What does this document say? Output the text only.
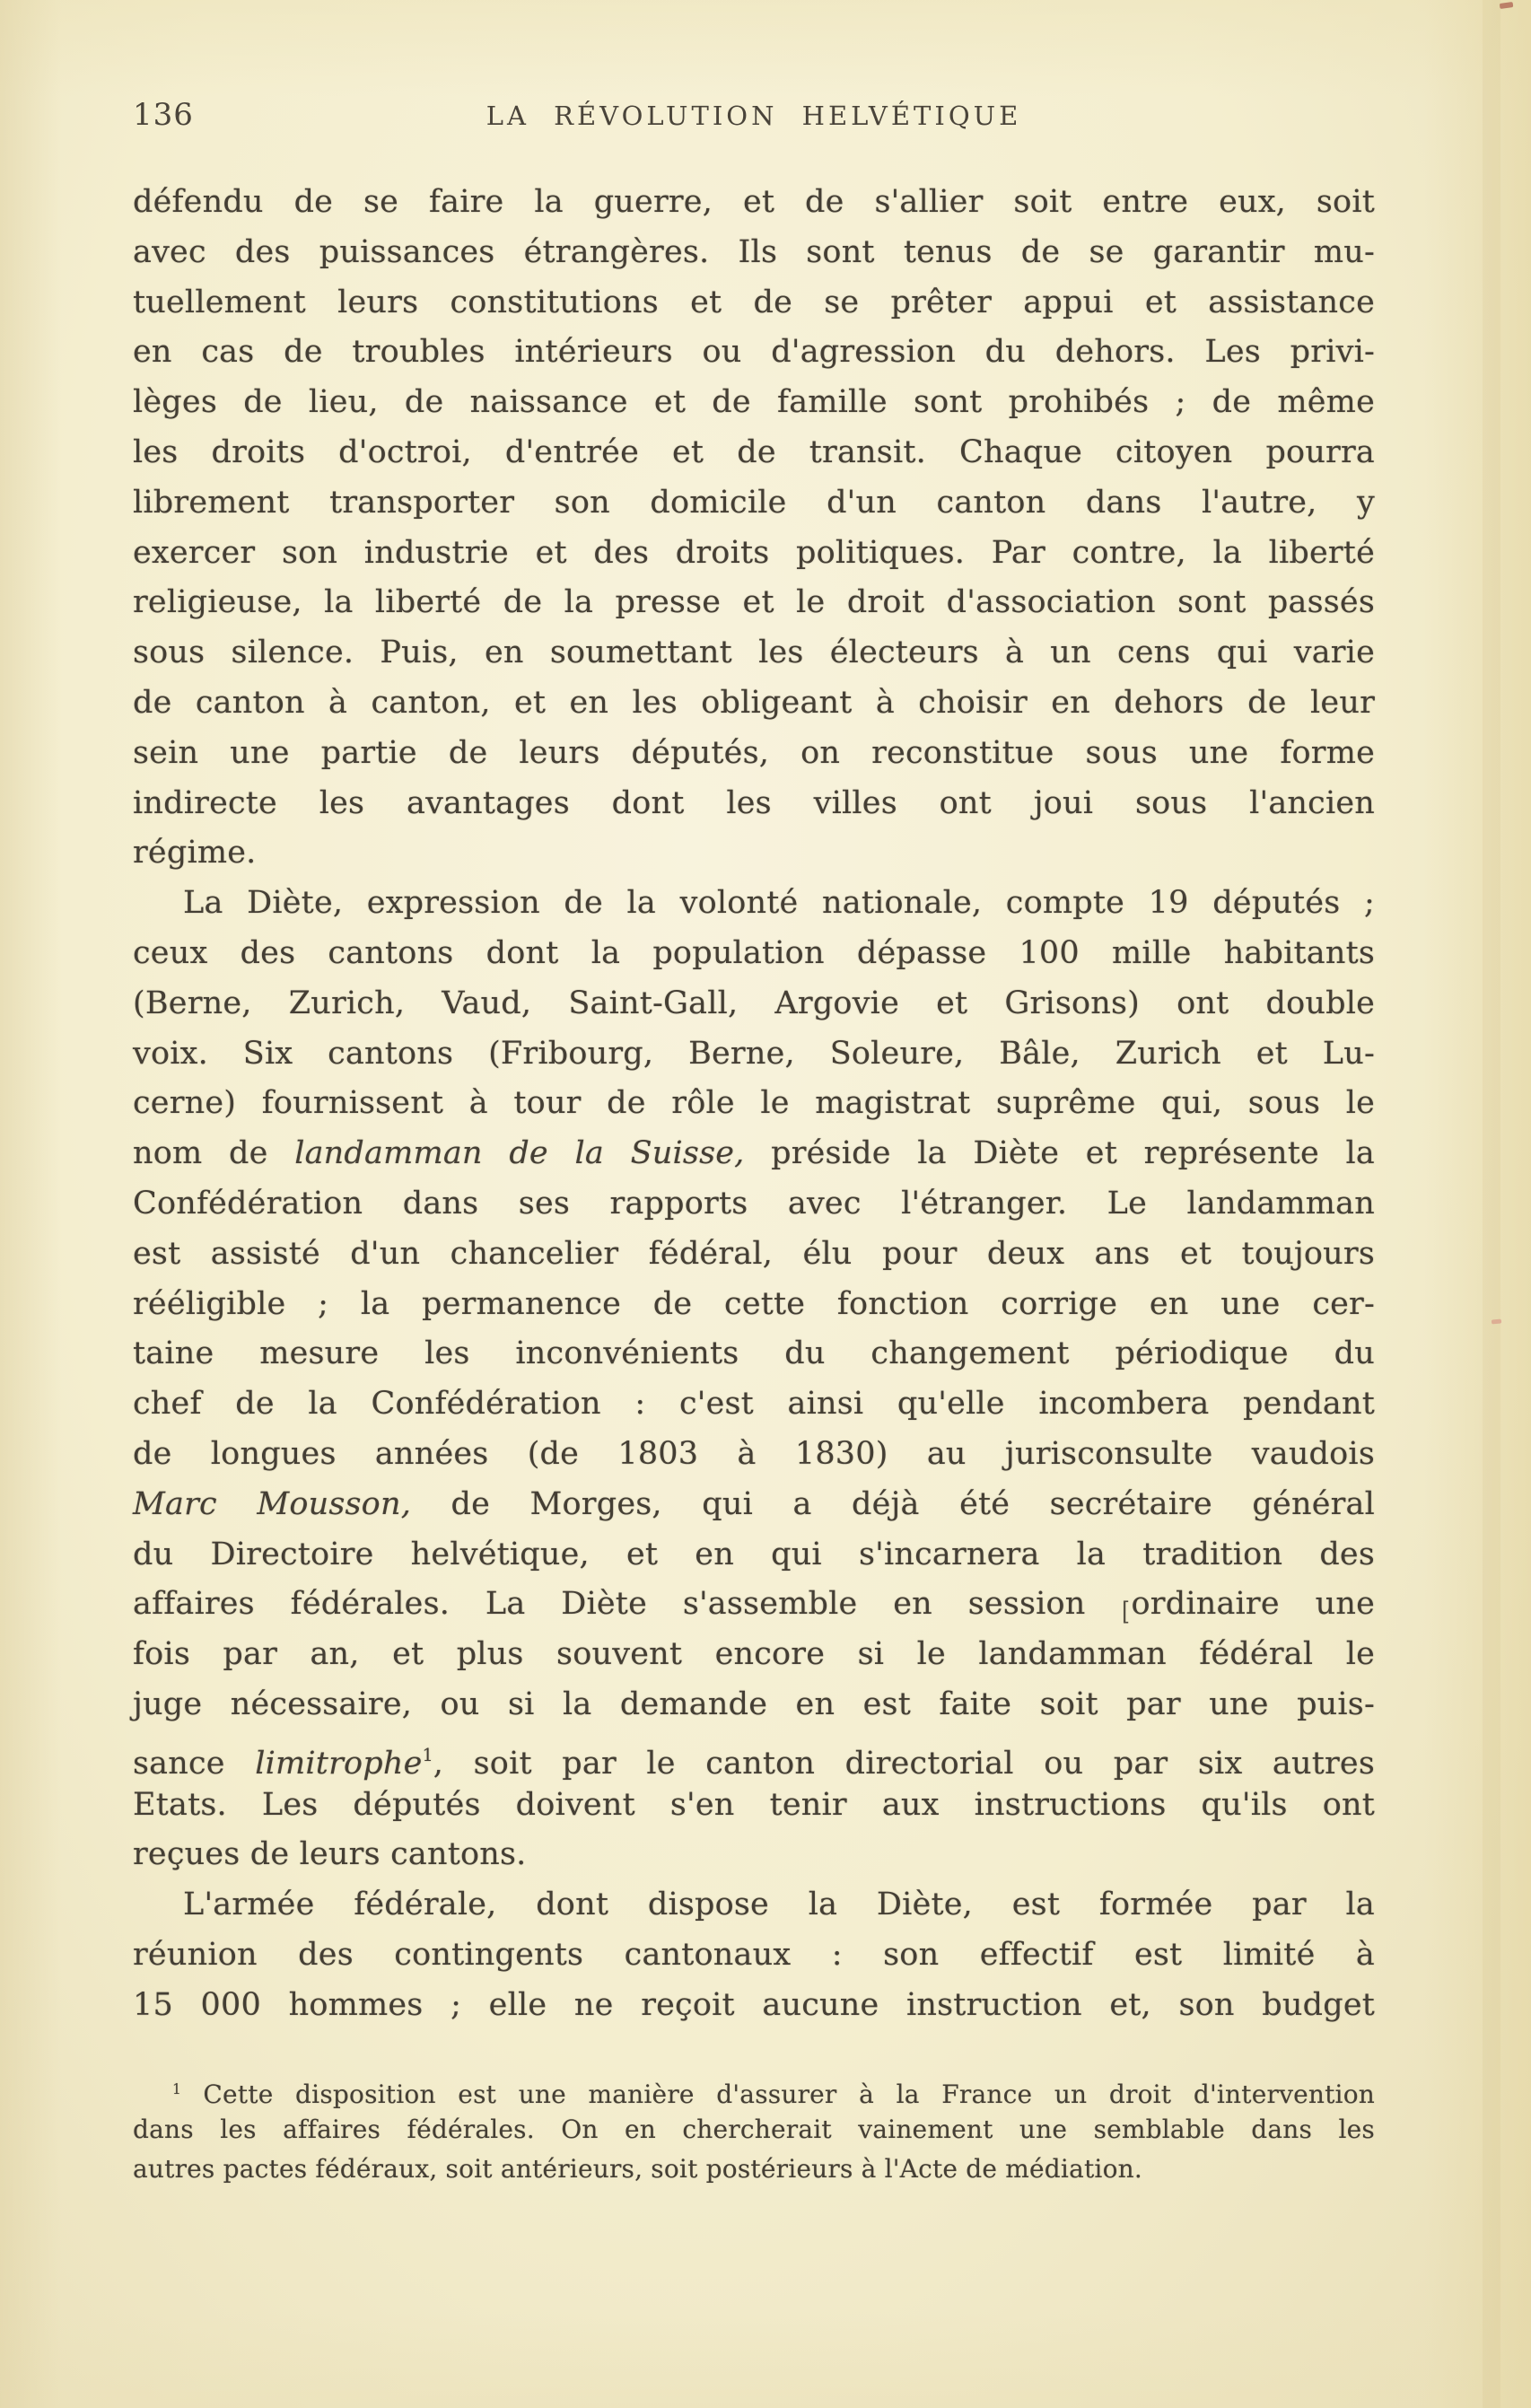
136	LA RÉVOLUTION HELVÉTIQUE
défendu de se faire la guerre, et de s'allier soit entre eux, soit
avec des puissances étrangères. Ils sont tenus de se garantir mu-
tuellement leurs constitutions et de se prêter appui et assistance
en cas de troubles intérieurs ou d'agression du dehors. Les privi-
lèges de lieu, de naissance et de famille sont prohibés ; de même
les droits d'octroi, d'entrée et de transit. Chaque citoyen pourra
librement transporter son domicile d'un canton dans l'autre, y
exercer son industrie et des droits politiques. Par contre, la liberté
religieuse, la liberté de la presse et le droit d'association sont passés
sous silence. Puis, en soumettant les électeurs à un cens qui varie
de canton à canton, et en les obligeant à choisir en dehors de leur
sein une partie de leurs députés, on reconstitue sous une forme
indirecte les avantages dont les villes ont joui sous l'ancien
régime.
La Diète, expression de la volonté nationale, compte 19 députés ;
ceux des cantons dont la population dépasse 100 mille habitants
(Berne, Zurich, Vaud, Saint-Gall, Argovie et Grisons) ont double
voix. Six cantons (Fribourg, Berne, Soleure, Bâle, Zurich et Lu-
cerne) fournissent à tour de rôle le magistrat suprême qui, sous le
nom de landamman de la Suisse, préside la Diète et représente la
Confédération dans ses rapports avec l'étranger. Le landamman
est assisté d'un chancelier fédéral, élu pour deux ans et toujours
rééligible ; la permanence de cette fonction corrige en une cer-
taine mesure les inconvénients du changement périodique du
chef de la Confédération : c'est ainsi qu'elle incombera pendant
de longues années (de 1803 à 1830) au jurisconsulte vaudois
Marc Mousson, de Morges, qui a déjà été secrétaire général
du Directoire helvétique, et en qui s'incarnera la tradition des
affaires fédérales. La Diète s'assemble en session [ordinaire une
fois par an, et plus souvent encore si le landamman fédéral le
juge nécessaire, ou si la demande en est faite soit par une puis-
sance limitrophe$^1$, soit par le canton directorial ou par six autres
Etats. Les députés doivent s'en tenir aux instructions qu'ils ont
reçues de leurs cantons.
L'armée fédérale, dont dispose la Diète, est formée par la
réunion des contingents cantonaux : son effectif est limité à
15 000 hommes ; elle ne reçoit aucune instruction et, son budget
$^1$ Cette disposition est une manière d'assurer à la France un droit d'intervention
dans les affaires fédérales. On en chercherait vainement une semblable dans les
autres pactes fédéraux, soit antérieurs, soit postérieurs à l'Acte de médiation.
